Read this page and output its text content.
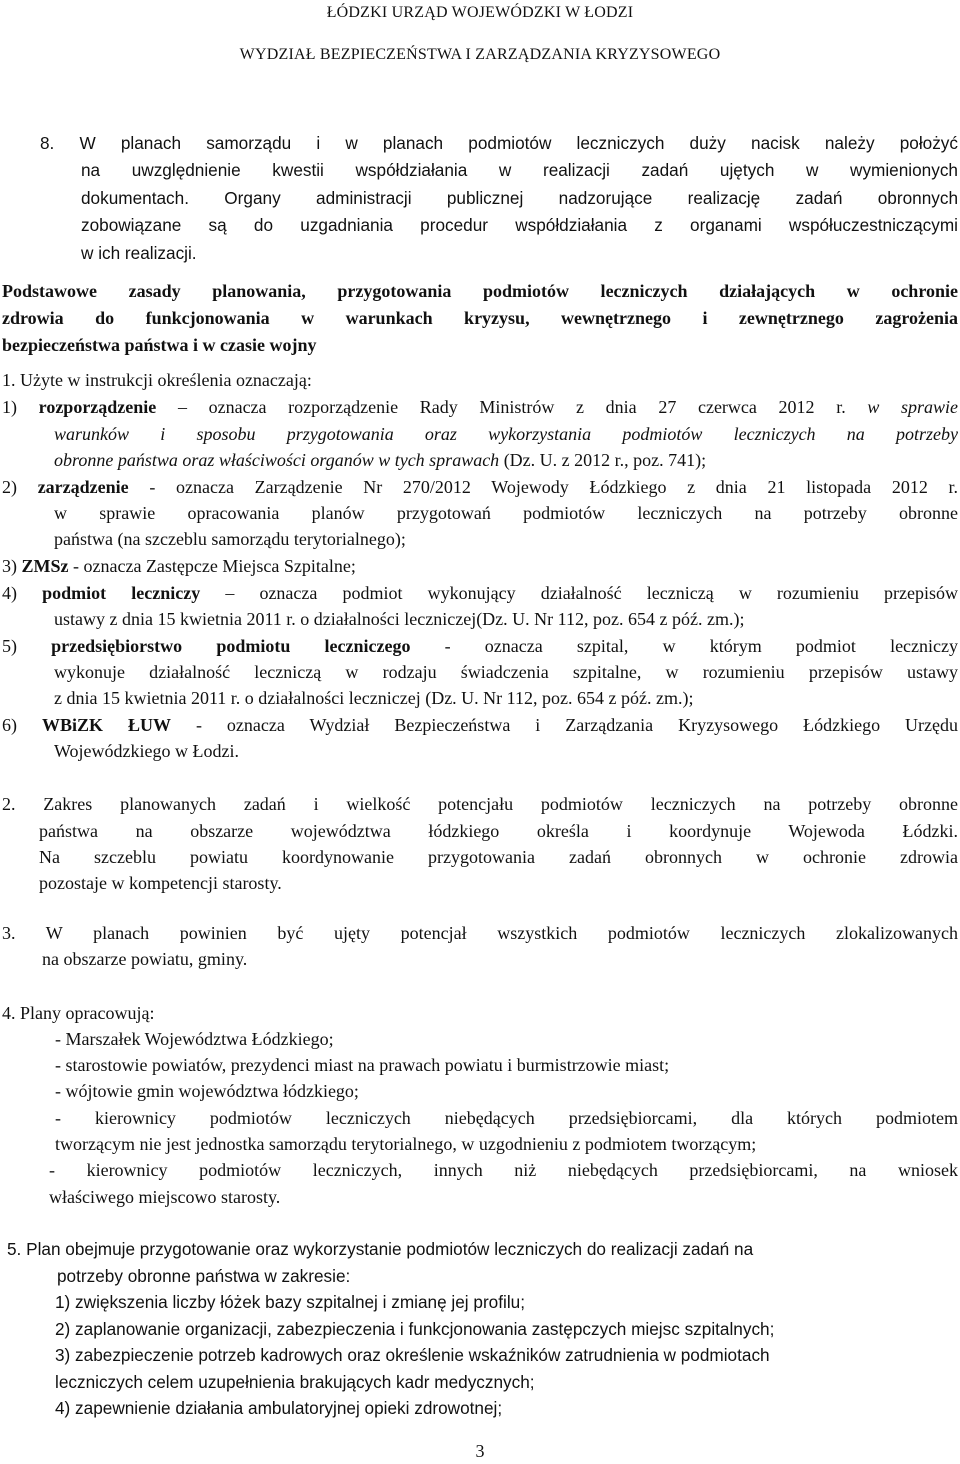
ŁÓDZKI URZĄD WOJEWÓDZKI W ŁODZI
WYDZIAŁ BEZPIECZEŃSTWA I ZARZĄDZANIA KRYZYSOWEGO
8. W planach samorządu i w planach podmiotów leczniczych duży nacisk należy położyć
na uwzględnienie kwestii współdziałania w realizacji zadań ujętych w wymienionych
dokumentach. Organy administracji publicznej nadzorujące realizację zadań obronnych
zobowiązane są do uzgadniania procedur współdziałania z organami współuczestniczącymi
w ich realizacji.
Podstawowe zasady planowania, przygotowania podmiotów leczniczych działających w ochronie
zdrowia do funkcjonowania w warunkach kryzysu, wewnętrznego i zewnętrznego zagrożenia
bezpieczeństwa państwa i w czasie wojny
1. Użyte w instrukcji określenia oznaczają:
1) rozporządzenie – oznacza rozporządzenie Rady Ministrów z dnia 27 czerwca 2012 r. w sprawie
warunków i sposobu przygotowania oraz wykorzystania podmiotów leczniczych na potrzeby
obronne państwa oraz właściwości organów w tych sprawach (Dz. U. z 2012 r., poz. 741);
2) zarządzenie - oznacza Zarządzenie Nr 270/2012 Wojewody Łódzkiego z dnia 21 listopada 2012 r.
w sprawie opracowania planów przygotowań podmiotów leczniczych na potrzeby obronne
państwa (na szczeblu samorządu terytorialnego);
3) ZMSz - oznacza Zastępcze Miejsca Szpitalne;
4) podmiot leczniczy – oznacza podmiot wykonujący działalność leczniczą w rozumieniu przepisów
ustawy z dnia 15 kwietnia 2011 r. o działalności leczniczej(Dz. U. Nr 112, poz. 654 z póź. zm.);
5) przedsiębiorstwo podmiotu leczniczego - oznacza szpital, w którym podmiot leczniczy
wykonuje działalność leczniczą w rodzaju świadczenia szpitalne, w rozumieniu przepisów ustawy
z dnia 15 kwietnia 2011 r. o działalności leczniczej (Dz. U. Nr 112, poz. 654 z póź. zm.);
6) WBiZK ŁUW - oznacza Wydział Bezpieczeństwa i Zarządzania Kryzysowego Łódzkiego Urzędu
Wojewódzkiego w Łodzi.
2. Zakres planowanych zadań i wielkość potencjału podmiotów leczniczych na potrzeby obronne
państwa na obszarze województwa łódzkiego określa i koordynuje Wojewoda Łódzki.
Na szczeblu powiatu koordynowanie przygotowania zadań obronnych w ochronie zdrowia
pozostaje w kompetencji starosty.
3. W planach powinien być ujęty potencjał wszystkich podmiotów leczniczych zlokalizowanych
na obszarze powiatu, gminy.
4. Plany opracowują:
- Marszałek Województwa Łódzkiego;
- starostowie powiatów, prezydenci miast na prawach powiatu i burmistrzowie miast;
- wójtowie gmin województwa łódzkiego;
- kierownicy podmiotów leczniczych niebędących przedsiębiorcami, dla których podmiotem
tworzącym nie jest jednostka samorządu terytorialnego, w uzgodnieniu z podmiotem tworzącym;
- kierownicy podmiotów leczniczych, innych niż niebędących przedsiębiorcami, na wniosek
właściwego miejscowo starosty.
5. Plan obejmuje przygotowanie oraz wykorzystanie podmiotów leczniczych do realizacji zadań na
potrzeby obronne państwa w zakresie:
1) zwiększenia liczby łóżek bazy szpitalnej i zmianę jej profilu;
2) zaplanowanie organizacji, zabezpieczenia i funkcjonowania zastępczych miejsc szpitalnych;
3) zabezpieczenie potrzeb kadrowych oraz określenie wskaźników zatrudnienia w podmiotach
leczniczych celem uzupełnienia brakujących kadr medycznych;
4) zapewnienie działania ambulatoryjnej opieki zdrowotnej;
3
